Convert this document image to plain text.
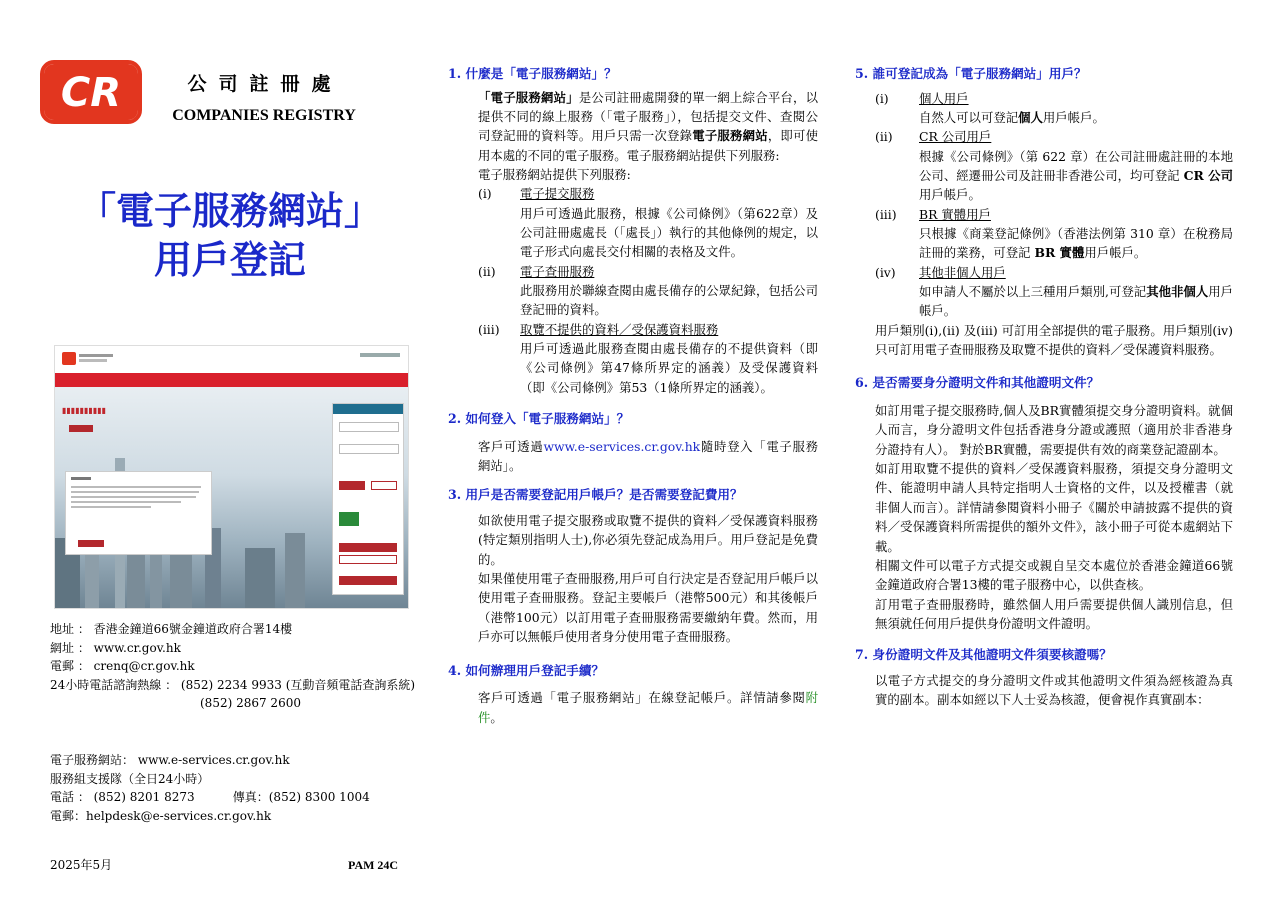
CR	公司註冊處
COMPANIES REGISTRY
「電子服務網站」
用戶登記
▮▮▮▮▮▮▮▮▮▮
地址 ： 香港金鐘道66號金鐘道政府合署14樓
網址 ： www.cr.gov.hk
電郵 ： crenq@cr.gov.hk
24小時電話諮詢熱線 ： (852) 2234 9933 (互動音頻電話查詢系統)
(852) 2867 2600
電子服務網站： www.e-services.cr.gov.hk
服務組支援隊（全日24小時）
電話 ： (852) 8201 8273          傳真：(852) 8300 1004
電郵：helpdesk@e-services.cr.gov.hk
2025年5月	PAM 24C
1. 什麼是「電子服務網站」？
「電子服務網站」是公司註冊處開發的單一網上綜合平台，以提供不同的線上服務（「電子服務」），包括提交文件、查閱公司登記冊的資料等。用戶只需一次登錄電子服務網站，即可使用本處的不同的電子服務。電子服務網站提供下列服務:
電子服務網站提供下列服務:
(i) 電子提交服務
用戶可透過此服務，根據《公司條例》（第622章）及公司註冊處處長（「處長」）執行的其他條例的規定，以電子形式向處長交付相關的表格及文件。
(ii) 電子查冊服務
此服務用於聯線查閱由處長備存的公眾紀錄，包括公司登記冊的資料。
(iii) 取覽不提供的資料／受保護資料服務
用戶可透過此服務查閱由處長備存的不提供資料（即《公司條例》第47條所界定的涵義）及受保護資料（即《公司條例》第53（1條所界定的涵義）。
2. 如何登入「電子服務網站」？
客戶可透過www.e-services.cr.gov.hk隨時登入「電子服務網站」。
3. 用戶是否需要登記用戶帳戶？是否需要登記費用？
如欲使用電子提交服務或取覽不提供的資料／受保護資料服務 (特定類別指明人士),你必須先登記成為用戶。用戶登記是免費的。
如果僅使用電子查冊服務,用戶可自行決定是否登記用戶帳戶以使用電子查冊服務。登記主要帳戶（港幣500元）和其後帳戶（港幣100元）以訂用電子查冊服務需要繳納年費。然而，用戶亦可以無帳戶使用者身分使用電子查冊服務。
4. 如何辦理用戶登記手續？
客戶可透過「電子服務網站」在線登記帳戶。詳情請參閱附件。
5. 誰可登記成為「電子服務網站」用戶？
(i) 個人用戶
自然人可以可登記個人用戶帳戶。
(ii) CR 公司用戶
根據《公司條例》（第 622 章）在公司註冊處註冊的本地公司、經遷冊公司及註冊非香港公司，均可登記 CR 公司用戶帳戶。
(iii) BR 實體用戶
只根據《商業登記條例》（香港法例第 310 章）在稅務局註冊的業務，可登記 BR 實體用戶帳戶。
(iv) 其他非個人用戶
如申請人不屬於以上三種用戶類別,可登記其他非個人用戶帳戶。
用戶類別(i),(ii) 及(iii) 可訂用全部提供的電子服務。用戶類別(iv)只可訂用電子查冊服務及取覽不提供的資料／受保護資料服務。
6. 是否需要身分證明文件和其他證明文件？
如訂用電子提交服務時,個人及BR實體須提交身分證明資料。就個人而言，身分證明文件包括香港身分證或護照（適用於非香港身分證持有人）。 對於BR實體，需要提供有效的商業登記證副本。
如訂用取覽不提供的資料／受保護資料服務，須提交身分證明文件、能證明申請人具特定指明人士資格的文件，以及授權書（就非個人而言）。詳情請參閱資料小冊子《關於申請披露不提供的資料／受保護資料所需提供的額外文件》，該小冊子可從本處網站下載。
相關文件可以電子方式提交或親自呈交本處位於香港金鐘道66號金鐘道政府合署13樓的電子服務中心，以供查核。
訂用電子查冊服務時，雖然個人用戶需要提供個人識別信息，但無須就任何用戶提供身份證明文件證明。
7. 身份證明文件及其他證明文件須要核證嗎？
以電子方式提交的身分證明文件或其他證明文件須為經核證為真實的副本。副本如經以下人士妥為核證，便會視作真實副本：
